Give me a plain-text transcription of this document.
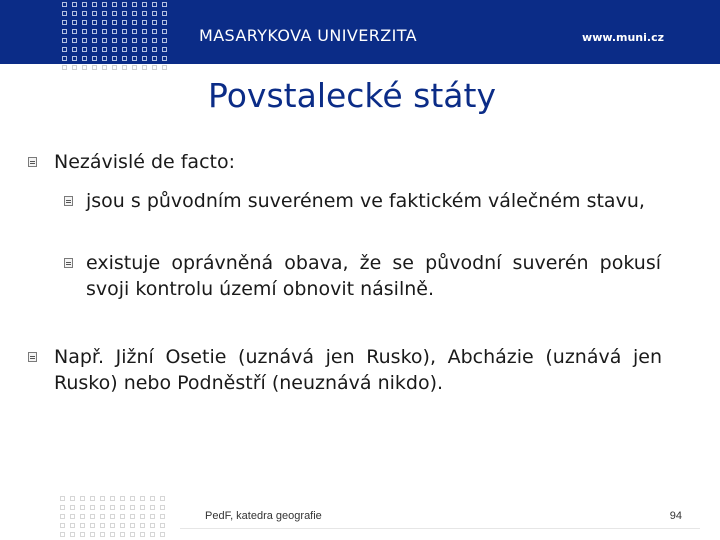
MASARYKOVA UNIVERZITA	www.muni.cz
Povstalecké státy
Nezávislé de facto:
jsou s původním suverénem ve faktickém válečném stavu,
existuje oprávněná obava, že se původní suverén pokusí svoji kontrolu území obnovit násilně.
Např. Jižní Osetie (uznává jen Rusko), Abcházie (uznává jen Rusko) nebo Podněstří (neuznává nikdo).
PedF, katedra geografie	94
